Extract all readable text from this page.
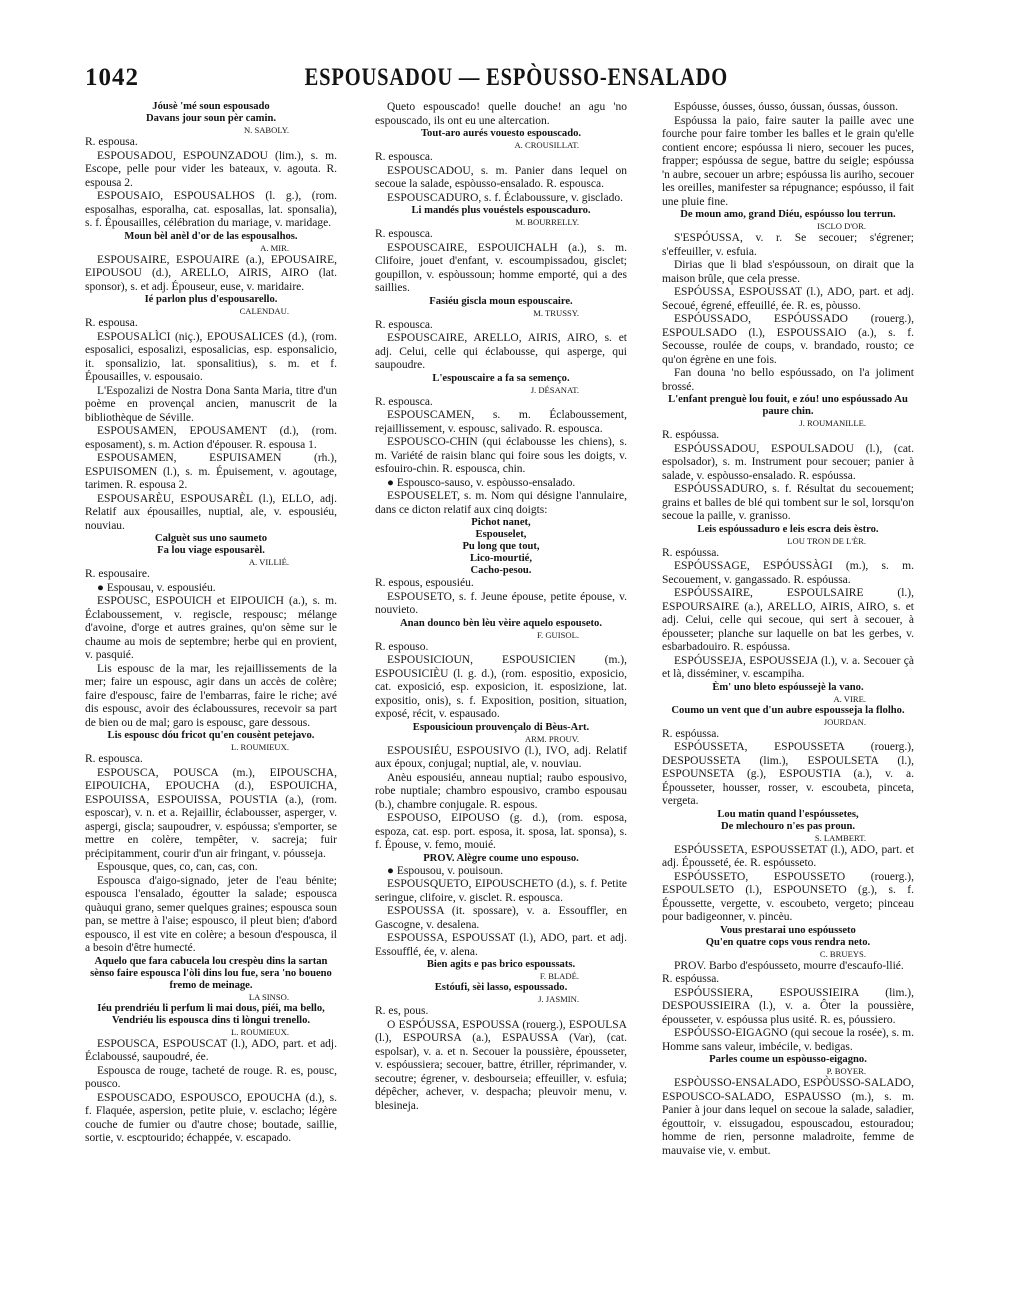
1042	ESPOUSADOU — ESPÒUSSO-ENSALADO

Jóusè 'mé soun espousado

Davans jour soun pèr camin.

N. SABOLY.

R. espousa.

ESPOUSADOU, ESPOUNZADOU (lim.), s. m. Escope, pelle pour vider les bateaux, v. agouta. R. espousa 2.

ESPOUSAIO, ESPOUSALHOS (l. g.), (rom. esposalhas, esporalha, cat. esposallas, lat. sponsalia), s. f. Épousailles, célébration du mariage, v. maridage.

Moun bèl anèl d'or de las espousalhos.

A. MIR.

ESPOUSAIRE, ESPOUAIRE (a.), EPOUSAIRE, EIPOUSOU (d.), ARELLO, AIRIS, AIRO (lat. sponsor), s. et adj. Épouseur, euse, v. maridaire.

Ié parlon plus d'espousarello.

CALENDAU.

R. espousa.

ESPOUSALÌCI (niç.), EPOUSALICES (d.), (rom. esposalici, esposalizi, esposalicias, esp. esponsalicio, it. sponsalizio, lat. sponsalitius), s. m. et f. Épousailles, v. espousaio.

L'Espozalizi de Nostra Dona Santa Maria, titre d'un poème en provençal ancien, manuscrit de la bibliothèque de Séville.

ESPOUSAMEN, EPOUSAMENT (d.), (rom. esposament), s. m. Action d'épouser. R. espousa 1.

ESPOUSAMEN, ESPUISAMEN (rh.), ESPUISOMEN (l.), s. m. Épuisement, v. agoutage, tarimen. R. espousa 2.

ESPOUSARÈU, ESPOUSARÈL (l.), ELLO, adj. Relatif aux épousailles, nuptial, ale, v. espousiéu, nouviau.

Calguèt sus uno saumeto

Fa lou viage espousarèl.

A. VILLIÉ.

R. espousaire.

● Espousau, v. espousiéu.

ESPOUSC, ESPOUICH et EIPOUICH (a.), s. m. Éclaboussement, v. regiscle, respousc; mélange d'avoine, d'orge et autres graines, qu'on sème sur le chaume au mois de septembre; herbe qui en provient, v. pasquié.

Lis espousc de la mar, les rejaillissements de la mer; faire un espousc, agir dans un accès de colère; faire d'espousc, faire de l'embarras, faire le riche; avé dis espousc, avoir des éclaboussures, recevoir sa part de bien ou de mal; garo is espousc, gare dessous.

Lis espousc dóu fricot qu'en cousènt petejavo.

L. ROUMIEUX.

R. espousca.

ESPOUSCA, POUSCA (m.), EIPOUSCHA, EIPOUICHA, EPOUCHA (d.), ESPOUICHA, ESPOUISSA, ESPOUISSA, POUSTIA (a.), (rom. esposcar), v. n. et a. Rejaillir, éclabousser, asperger, v. aspergi, giscla; saupoudrer, v. espóussa; s'emporter, se mettre en colère, tempêter, v. sacreja; fuir précipitamment, courir d'un air fringant, v. póusseja.

Espousque, ques, co, can, cas, con.

Espousca d'aigo-signado, jeter de l'eau bénite; espousca l'ensalado, égoutter la salade; espousca quàuqui grano, semer quelques graines; espousca soun pan, se mettre à l'aise; espousco, il pleut bien; d'abord espousco, il est vite en colère; a besoun d'espousca, il a besoin d'être humecté.

Aquelo que fara cabucela lou crespèu dins la sartan sènso faire espousca l'òli dins lou fue, sera 'no boueno fremo de meinage.

LA SINSO.

Iéu prendriéu li perfum li mai dous, piéi, ma bello, Vendriéu lis espousca dins ti lòngui trenello.

L. ROUMIEUX.

ESPOUSCA, ESPOUSCAT (l.), ADO, part. et adj. Éclaboussé, saupoudré, ée.

Espousca de rouge, tacheté de rouge. R. es, pousc, pousco.

ESPOUSCADO, ESPOUSCO, EPOUCHA (d.), s. f. Flaquée, aspersion, petite pluie, v. esclacho; légère couche de fumier ou d'autre chose; boutade, saillie, sortie, v. escptourido; échappée, v. escapado.

Queto espouscado! quelle douche! an agu 'no espouscado, ils ont eu une altercation.

Tout-aro aurés vouesto espouscado.

A. CROUSILLAT.

R. espousca.

ESPOUSCADOU, s. m. Panier dans lequel on secoue la salade, espòusso-ensalado. R. espousca.

ESPOUSCADURO, s. f. Éclaboussure, v. gisclado.

Li mandés plus vouéstels espouscaduro.

M. BOURRELLY.

R. espousca.

ESPOUSCAIRE, ESPOUICHALH (a.), s. m. Clifoire, jouet d'enfant, v. escoumpissadou, gisclet; goupillon, v. espòussoun; homme emporté, qui a des saillies.

Fasiéu giscla moun espouscaire.

M. TRUSSY.

R. espousca.

ESPOUSCAIRE, ARELLO, AIRIS, AIRO, s. et adj. Celui, celle qui éclabousse, qui asperge, qui saupoudre.

L'espouscaire a fa sa semenço.

J. DÉSANAT.

R. espousca.

ESPOUSCAMEN, s. m. Éclaboussement, rejaillissement, v. espousc, salivado. R. espousca.

ESPOUSCO-CHIN (qui éclabousse les chiens), s. m. Variété de raisin blanc qui foire sous les doigts, v. esfouiro-chin. R. espousca, chin.

● Espousco-sauso, v. espòusso-ensalado.

ESPOUSELET, s. m. Nom qui désigne l'annulaire, dans ce dicton relatif aux cinq doigts:

Pichot nanet,

Espouselet,

Pu long que tout,

Lico-mourtié,

Cacho-pesou.

R. espous, espousiéu.

ESPOUSETO, s. f. Jeune épouse, petite épouse, v. nouvieto.

Anan dounco bèn lèu vèire aquelo espouseto.

F. GUISOL.

R. espouso.

ESPOUSICIOUN, ESPOUSICIEN (m.), ESPOUSICIÈU (l. g. d.), (rom. espositio, exposicio, cat. exposició, esp. exposicion, it. esposizione, lat. expositio, onis), s. f. Exposition, position, situation, exposé, récit, v. espausado.

Espousicioun prouvençalo di Bèus-Art.

ARM. PROUV.

ESPOUSIÉU, ESPOUSIVO (l.), IVO, adj. Relatif aux époux, conjugal; nuptial, ale, v. nouviau.

Anèu espousiéu, anneau nuptial; raubo espousivo, robe nuptiale; chambro espousivo, crambo espousau (b.), chambre conjugale. R. espous.

ESPOUSO, EIPOUSO (g. d.), (rom. esposa, espoza, cat. esp. port. esposa, it. sposa, lat. sponsa), s. f. Épouse, v. femo, mouié.

PROV. Alègre coume uno espouso.

● Espousou, v. pouisoun.

ESPOUSQUETO, EIPOUSCHETO (d.), s. f. Petite seringue, clifoire, v. gisclet. R. espousca.

ESPOUSSA (it. spossare), v. a. Essouffler, en Gascogne, v. desalena.

ESPOUSSA, ESPOUSSAT (l.), ADO, part. et adj. Essoufflé, ée, v. alena.

Bien agits e pas brico espoussats.

F. BLADÉ.

Estóufi, sèi lasso, espoussado.

J. JASMIN.

R. es, pous.

O ESPÓUSSA, ESPOUSSA (rouerg.), ESPOULSA (l.), ESPOURSA (a.), ESPAUSSA (Var), (cat. espolsar), v. a. et n. Secouer la poussière, épousseter, v. espóussiera; secouer, battre, étriller, réprimander, v. secoutre; égrener, v. desbourseia; effeuiller, v. esfuia; dépêcher, achever, v. despacha; pleuvoir menu, v. blesineja.

Espóusse, óusses, óusso, óussan, óussas, óusson.

Espóussa la paio, faire sauter la paille avec une fourche pour faire tomber les balles et le grain qu'elle contient encore; espóussa li niero, secouer les puces, frapper; espóussa de segue, battre du seigle; espóussa 'n aubre, secouer un arbre; espóussa lis auriho, secouer les oreilles, manifester sa répugnance; espóusso, il fait une pluie fine.

De moun amo, grand Diéu, espóusso lou terrun.

ISCLO D'OR.

S'ESPÓUSSA, v. r. Se secouer; s'égrener; s'effeuiller, v. esfuia.

Dirias que li blad s'espóussoun, on dirait que la maison brûle, que cela presse.

ESPÓUSSA, ESPOUSSAT (l.), ADO, part. et adj. Secoué, égrené, effeuillé, ée. R. es, pòusso.

ESPÓUSSADO, ESPÓUSSADO (rouerg.), ESPOULSADO (l.), ESPOUSSAIO (a.), s. f. Secousse, roulée de coups, v. brandado, rousto; ce qu'on égrène en une fois.

Fan douna 'no bello espóussado, on l'a joliment brossé.

L'enfant prenguè lou fouit, e zóu! uno espóussado Au paure chin.

J. ROUMANILLE.

R. espóussa.

ESPÓUSSADOU, ESPOULSADOU (l.), (cat. espolsador), s. m. Instrument pour secouer; panier à salade, v. espòusso-ensalado. R. espóussa.

ESPÓUSSADURO, s. f. Résultat du secouement; grains et balles de blé qui tombent sur le sol, lorsqu'on secoue la paille, v. granisso.

Leis espóussaduro e leis escra deis èstro.

LOU TRON DE L'ÈR.

R. espóussa.

ESPÓUSSAGE, ESPÓUSSÀGI (m.), s. m. Secouement, v. gangassado. R. espóussa.

ESPÓUSSAIRE, ESPOULSAIRE (l.), ESPOURSAIRE (a.), ARELLO, AIRIS, AIRO, s. et adj. Celui, celle qui secoue, qui sert à secouer, à épousseter; planche sur laquelle on bat les gerbes, v. esbarbadouiro. R. espóussa.

ESPÓUSSEJA, ESPOUSSEJA (l.), v. a. Secouer çà et là, disséminer, v. escampiha.

Èm' uno bleto espóussejè la vano.

A. VIRE.

Coumo un vent que d'un aubre espousseja la flolho.

JOURDAN.

R. espóussa.

ESPÓUSSETA, ESPOUSSETA (rouerg.), DESPOUSSETA (lim.), ESPOULSETA (l.), ESPOUNSETA (g.), ESPOUSTIA (a.), v. a. Épousseter, housser, rosser, v. escoubeta, pinceta, vergeta.

Lou matin quand l'espóussetes,

De mlechouro n'es pas proun.

S. LAMBERT.

ESPÓUSSETA, ESPOUSSETAT (l.), ADO, part. et adj. Épousseté, ée. R. espóusseto.

ESPÓUSSETO, ESPOUSSETO (rouerg.), ESPOULSETO (l.), ESPOUNSETO (g.), s. f. Époussette, vergette, v. escoubeto, vergeto; pinceau pour badigeonner, v. pincèu.

Vous prestarai uno espóusseto

Qu'en quatre cops vous rendra neto.

C. BRUEYS.

PROV. Barbo d'espóusseto, mourre d'escaufo-llié.

R. espóussa.

ESPÓUSSIERA, ESPOUSSIEIRA (lim.), DESPOUSSIEIRA (l.), v. a. Ôter la poussière, épousseter, v. espóussa plus usité. R. es, póussiero.

ESPÓUSSO-EIGAGNO (qui secoue la rosée), s. m. Homme sans valeur, imbécile, v. bedigas.

Parles coume un espòusso-eigagno.

P. BOYER.

ESPÒUSSO-ENSALADO, ESPÒUSSO-SALADO, ESPOUSCO-SALADO, ESPAUSSO (m.), s. m. Panier à jour dans lequel on secoue la salade, saladier, égouttoir, v. eissugadou, espouscadou, estouradou; homme de rien, personne maladroite, femme de mauvaise vie, v. embut.
